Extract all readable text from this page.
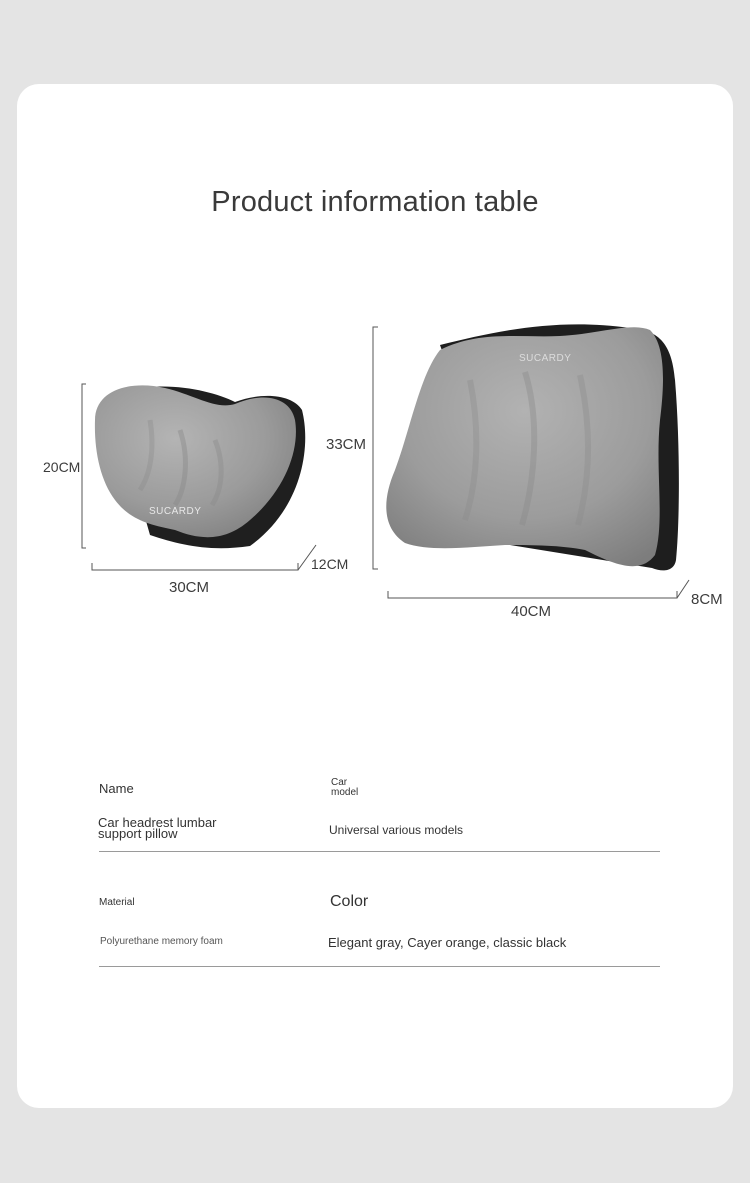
Product information table
SUCARDY
SUCARDY
20CM
30CM
12CM
33CM
40CM
8CM
Name	Car model
Car headrest lumbar support pillow	Universal various models
Material	Color
Polyurethane memory foam	Elegant gray, Cayer orange, classic black
